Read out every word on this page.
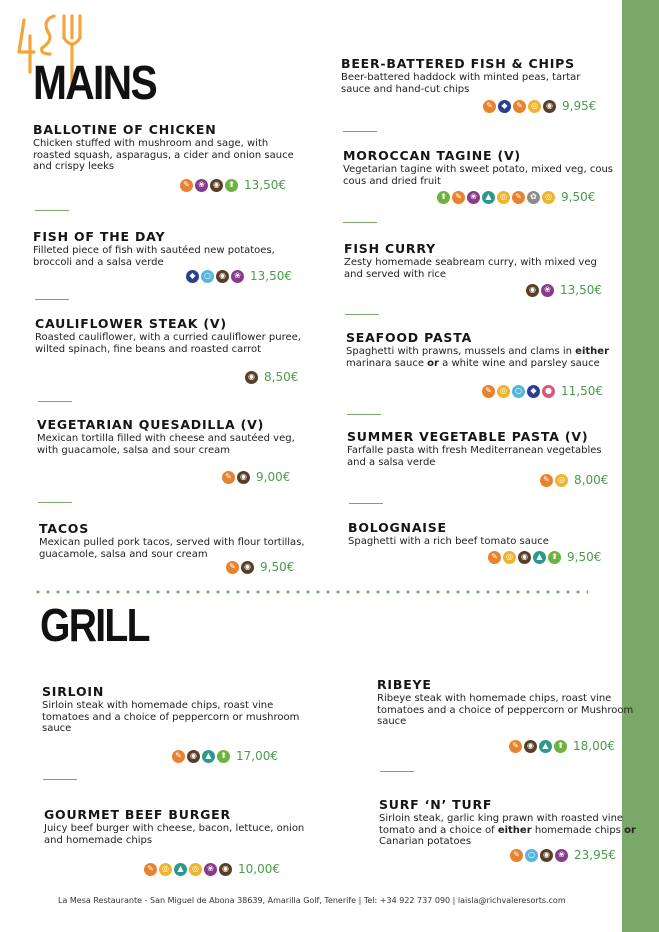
MAINS
BALLOTINE OF CHICKEN
Chicken stuffed with mushroom and sage, with roasted squash, asparagus, a cider and onion sauce and crispy leeks
✎	❀	◉	⬆ 13,50€
FISH OF THE DAY
Filleted piece of fish with sautéed new potatoes, broccoli and a salsa verde
◆	○	◉	❀ 13,50€
CAULIFLOWER STEAK (V)
Roasted cauliflower, with a curried cauliflower puree, wilted spinach, fine beans and roasted carrot
◉ 8,50€
VEGETARIAN QUESADILLA (V)
Mexican tortilla filled with cheese and sautéed veg, with guacamole, salsa and sour cream
✎	◉ 9,00€
TACOS
Mexican pulled pork tacos, served with flour tortillas, guacamole, salsa and sour cream
✎	◉ 9,50€
BEER-BATTERED FISH & CHIPS
Beer-battered haddock with minted peas, tartar sauce and hand-cut chips
✎	◆	✎	◎	◉ 9,95€
MOROCCAN TAGINE (V)
Vegetarian tagine with sweet potato, mixed veg, cous cous and dried fruit
⬆	✎	❀	▲	◎	✎	✿	◎ 9,50€
FISH CURRY
Zesty homemade seabream curry, with mixed veg and served with rice
◉	❀ 13,50€
SEAFOOD PASTA
Spaghetti with prawns, mussels and clams in either marinara sauce or a white wine and parsley sauce
✎	◎	○	◆	● 11,50€
SUMMER VEGETABLE PASTA (V)
Farfalle pasta with fresh Mediterranean vegetables and a salsa verde
✎	◎ 8,00€
BOLOGNAISE
Spaghetti with a rich beef tomato sauce
✎	◎	◉	▲	⬆ 9,50€
GRILL
SIRLOIN
Sirloin steak with homemade chips, roast vine tomatoes and a choice of peppercorn or mushroom sauce
✎	◉	▲	⬆ 17,00€
GOURMET BEEF BURGER
Juicy beef burger with cheese, bacon, lettuce, onion and homemade chips
✎	◎	▲	◎	❀	◉ 10,00€
RIBEYE
Ribeye steak with homemade chips, roast vine tomatoes and a choice of peppercorn or Mushroom sauce
✎	◉	▲	⬆ 18,00€
SURF ‘N’ TURF
Sirloin steak, garlic king prawn with roasted vine tomato and a choice of either homemade chips or Canarian potatoes
✎	○	◉	❀ 23,95€
La Mesa Restaurante - San Miguel de Abona 38639, Amarilla Golf, Tenerife | Tel: +34 922 737 090 | laisla@richvaleresorts.com
